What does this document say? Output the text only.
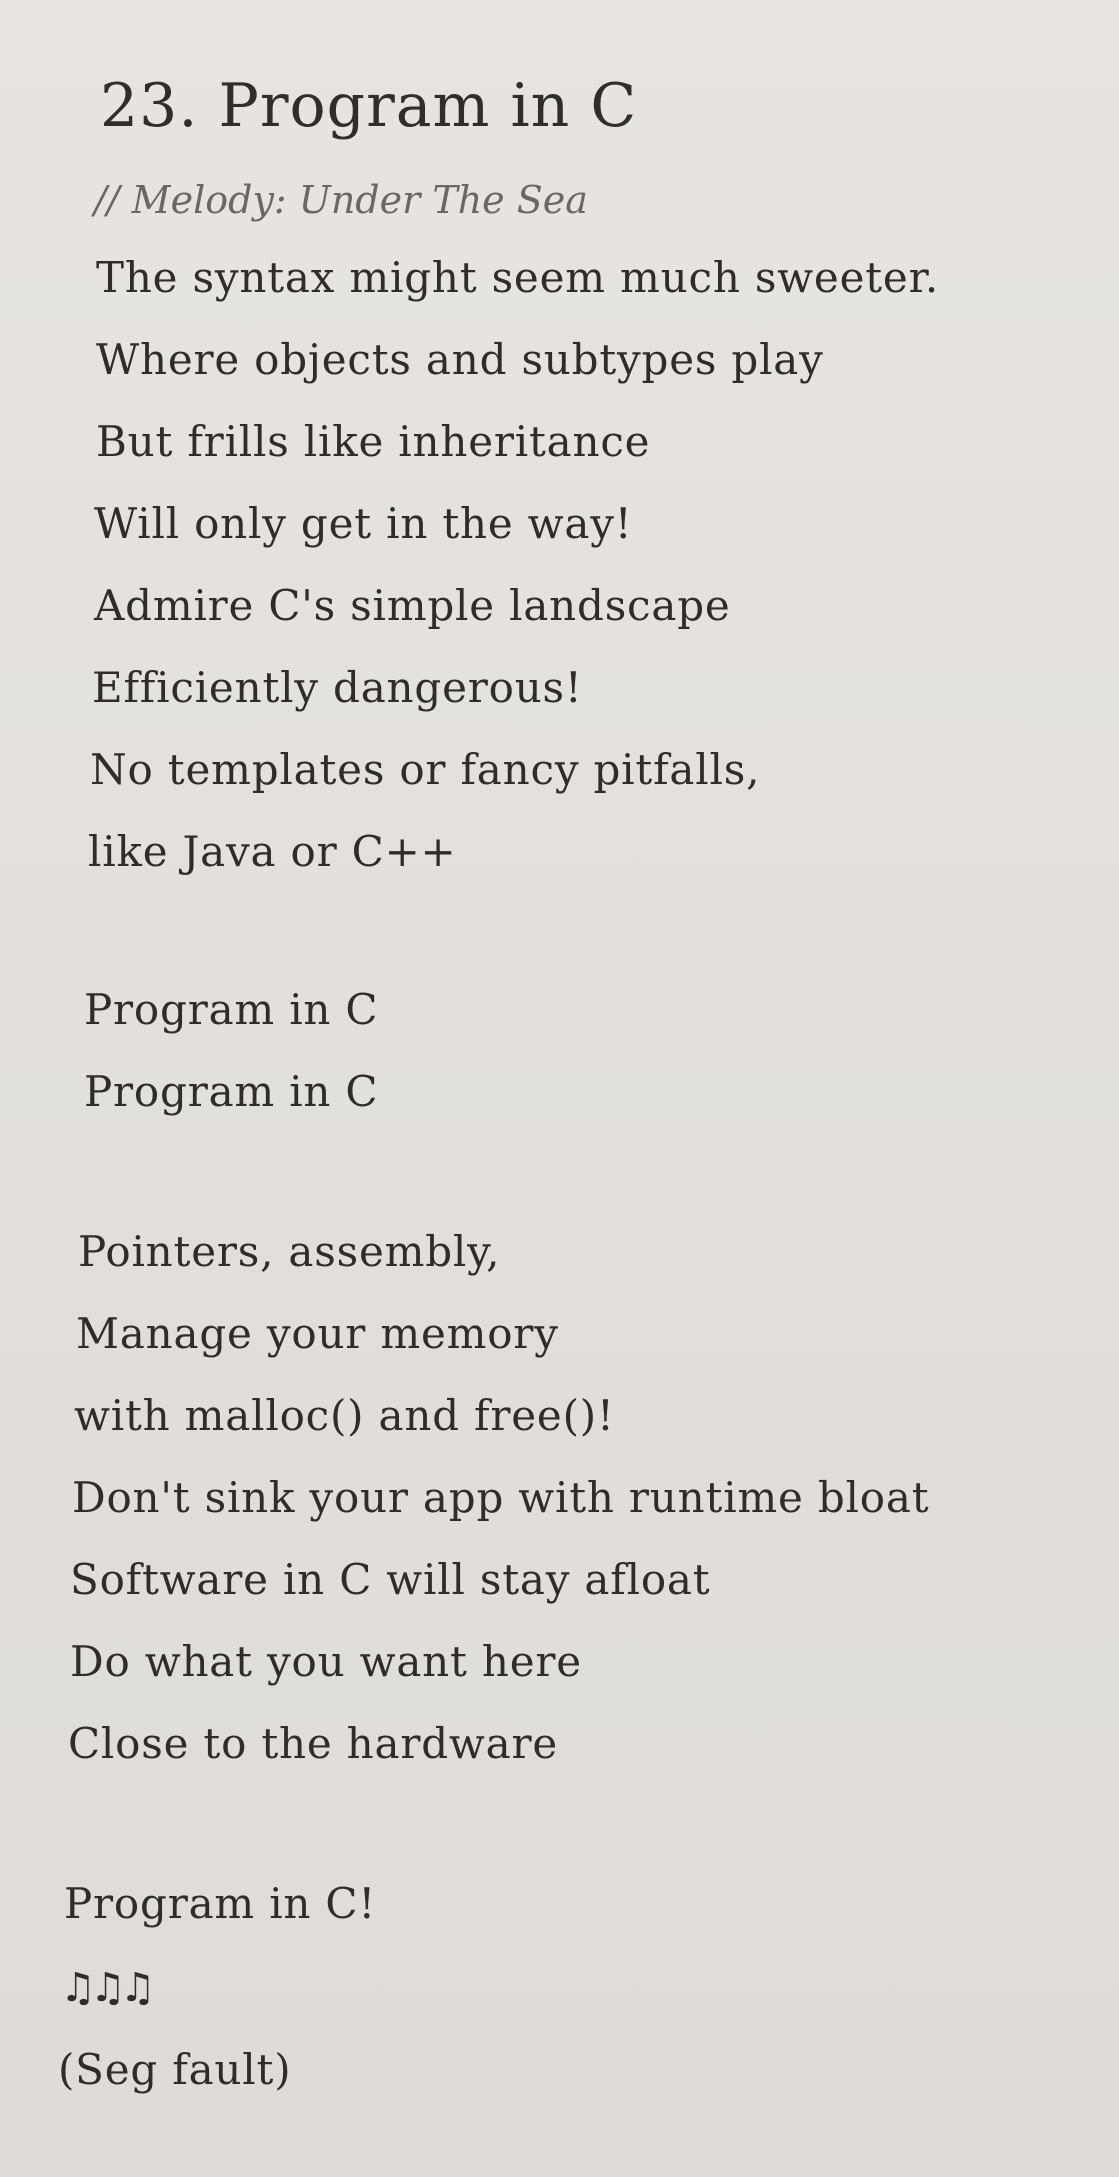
23. Program in C
// Melody: Under The Sea
The syntax might seem much sweeter.
Where objects and subtypes play
But frills like inheritance
Will only get in the way!
Admire C's simple landscape
Efficiently dangerous!
No templates or fancy pitfalls,
like Java or C++
Program in C
Program in C
Pointers, assembly,
Manage your memory
with malloc() and free()!
Don't sink your app with runtime bloat
Software in C will stay afloat
Do what you want here
Close to the hardware
Program in C!
♫♫♫
(Seg fault)
